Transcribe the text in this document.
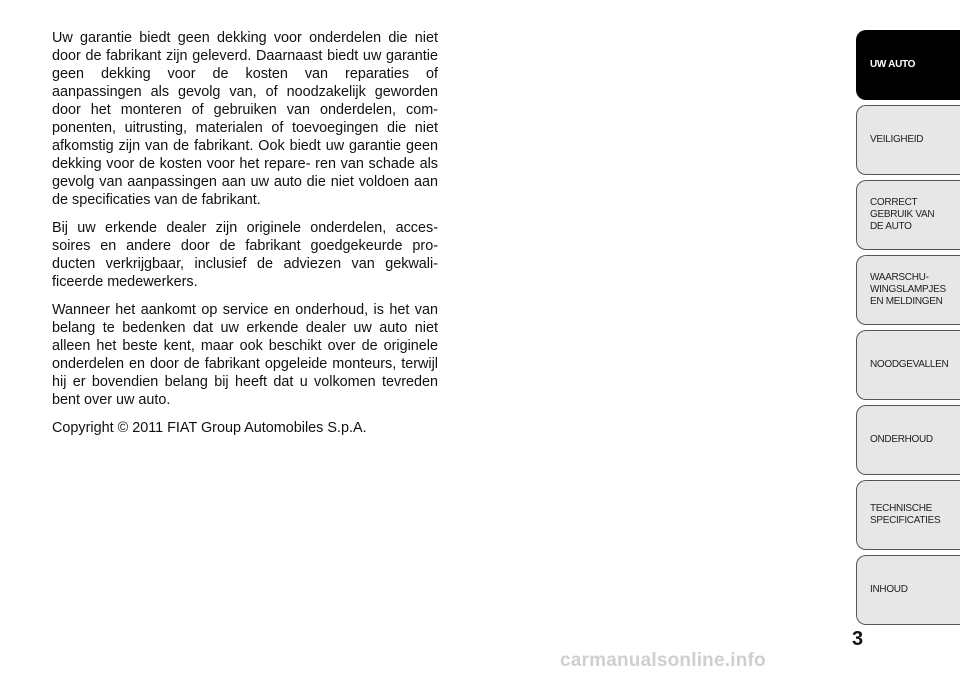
Uw garantie biedt geen dekking voor onderdelen die niet door de fabrikant zijn geleverd. Daarnaast biedt uw garantie geen dekking voor de kosten van reparaties of aanpassingen als gevolg van, of noodzakelijk geworden door het monteren of gebruiken van onderdelen, com- ponenten, uitrusting, materialen of toevoegingen die niet afkomstig zijn van de fabrikant. Ook biedt uw garantie geen dekking voor de kosten voor het repare- ren van schade als gevolg van aanpassingen aan uw auto die niet voldoen aan de specificaties van de fabrikant.

Bij uw erkende dealer zijn originele onderdelen, acces- soires en andere door de fabrikant goedgekeurde pro- ducten verkrijgbaar, inclusief de adviezen van gekwali- ficeerde medewerkers.

Wanneer het aankomt op service en onderhoud, is het van belang te bedenken dat uw erkende dealer uw auto niet alleen het beste kent, maar ook beschikt over de originele onderdelen en door de fabrikant opgeleide monteurs, terwijl hij er bovendien belang bij heeft dat u volkomen tevreden bent over uw auto.

Copyright © 2011 FIAT Group Automobiles S.p.A.

UW AUTO
VEILIGHEID
CORRECT
GEBRUIK VAN
DE AUTO
WAARSCHU-
WINGSLAMPJES
EN MELDINGEN
NOODGEVALLEN
ONDERHOUD
TECHNISCHE
SPECIFICATIES
INHOUD
3
carmanualsonline.info
